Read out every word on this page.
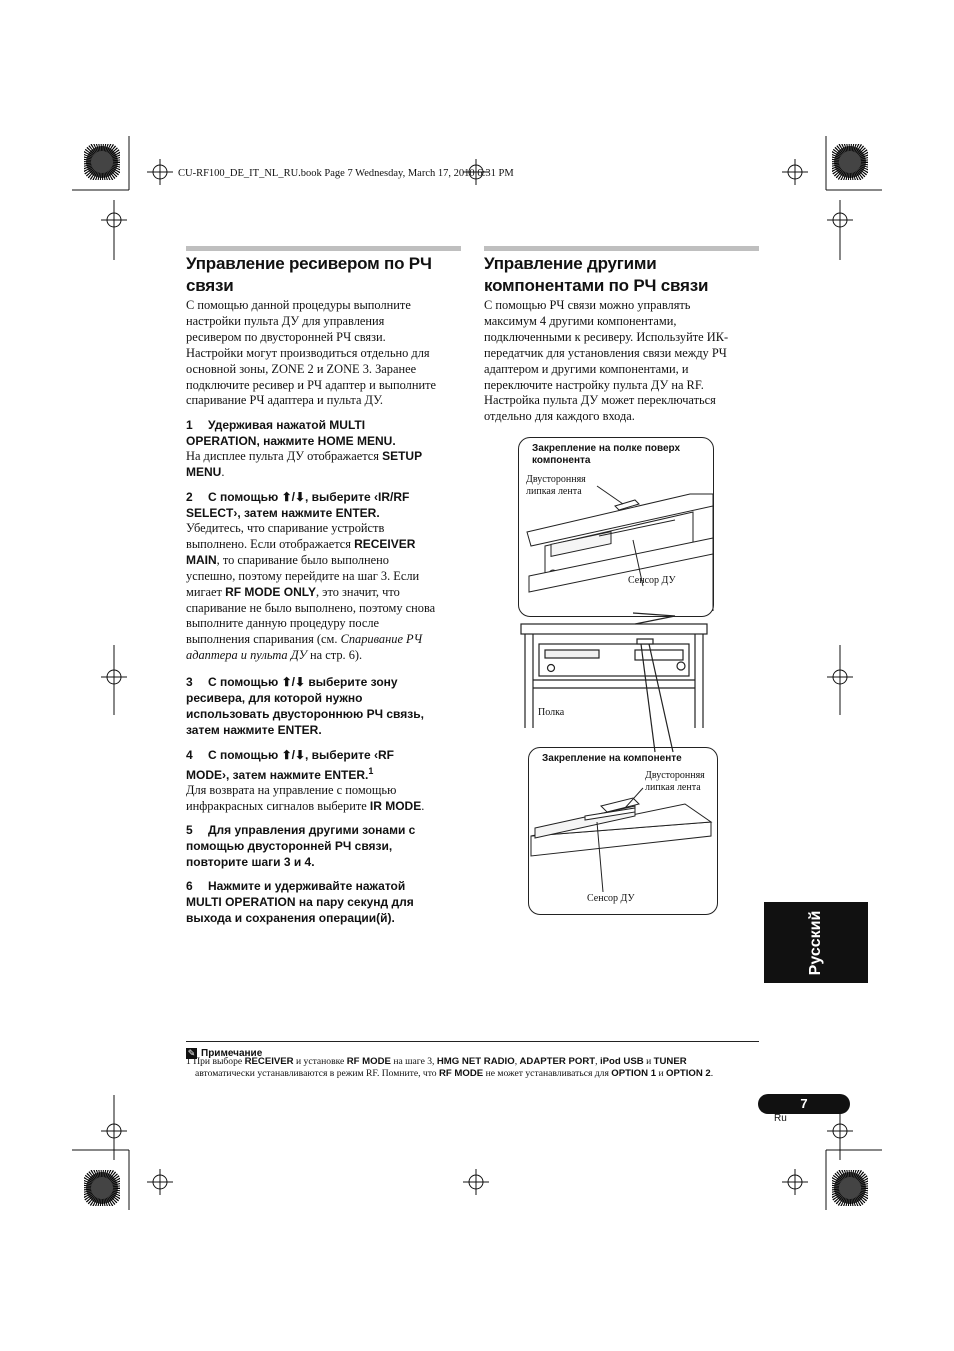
CU-RF100_DE_IT_NL_RU.book Page 7 Wednesday, March 17, 2010 6:31 PM
Управление ресивером по РЧ
связи
С помощью данной процедуры выполните
настройки пульта ДУ для управления
ресивером по двусторонней РЧ связи.
Настройки могут производиться отдельно для
основной зоны, ZONE 2 и ZONE 3. Заранее
подключите ресивер и РЧ адаптер и выполните
спаривание РЧ адаптера и пульта ДУ.
1 Удерживая нажатой MULTI
OPERATION, нажмите HOME MENU.
На дисплее пульта ДУ отображается SETUP
MENU.
2 С помощью ⬆/⬇, выберите ‹IR/RF
SELECT›, затем нажмите ENTER.
Убедитесь, что спаривание устройств
выполнено. Если отображается RECEIVER
MAIN, то спаривание было выполнено
успешно, поэтому перейдите на шаг 3. Если
мигает RF MODE ONLY, это значит, что
спаривание не было выполнено, поэтому снова
выполните данную процедуру после
выполнения спаривания (см. Спаривание РЧ
адаптера и пульта ДУ на стр. 6).
3 С помощью ⬆/⬇ выберите зону
ресивера, для которой нужно
использовать двустороннюю РЧ связь,
затем нажмите ENTER.
4 С помощью ⬆/⬇, выберите ‹RF
MODE›, затем нажмите ENTER.$^1$
Для возврата на управление с помощью
инфракрасных сигналов выберите IR MODE.
5 Для управления другими зонами с
помощью двусторонней РЧ связи,
повторите шаги 3 и 4.
6 Нажмите и удерживайте нажатой
MULTI OPERATION на пару секунд для
выхода и сохранения операции(й).
Управление другими
компонентами по РЧ связи
С помощью РЧ связи можно управлять
максимум 4 другими компонентами,
подключенными к ресиверу. Используйте ИК-
передатчик для установления связи между РЧ
адаптером и другими компонентами, и
переключите настройку пульта ДУ на RF.
Настройка пульта ДУ может переключаться
отдельно для каждого входа.
Закрепление на полке поверх
компонента
Двусторонняя
липкая лента
Сенсор ДУ
Полка
Закрепление на компоненте
Двусторонняя
липкая лента
Сенсор ДУ
Русский
✎ Примечание
1 При выборе RECEIVER и установке RF MODE на шаге 3, HMG NET RADIO, ADAPTER PORT, iPod USB и TUNER
автоматически устанавливаются в режим RF. Помните, что RF MODE не может устанавливаться для OPTION 1 и OPTION 2.
7
Ru
